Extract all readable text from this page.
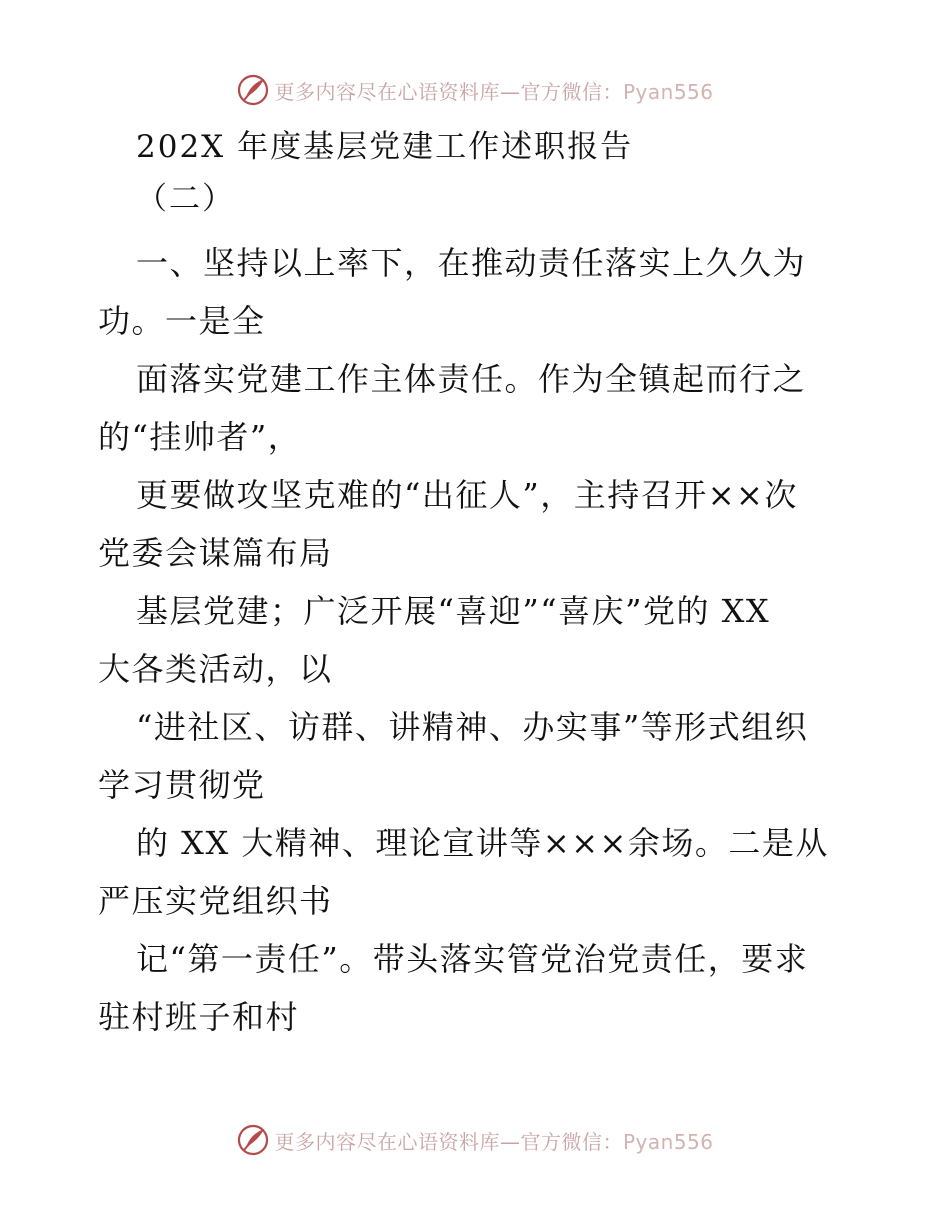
更多内容尽在心语资料库—官方微信：Pyan556
202X 年度基层党建工作述职报告
（二）

一、坚持以上率下，在推动责任落实上久久为
功。一是全

面落实党建工作主体责任。作为全镇起而行之
的“挂帅者”，

更要做攻坚克难的“出征人”，主持召开××次
党委会谋篇布局

基层党建；广泛开展“喜迎”“喜庆”党的 XX
大各类活动，以

“进社区、访群、讲精神、办实事”等形式组织
学习贯彻党

的 XX 大精神、理论宣讲等×××余场。二是从
严压实党组织书

记“第一责任”。带头落实管党治党责任，要求
驻村班子和村

更多内容尽在心语资料库—官方微信：Pyan556
